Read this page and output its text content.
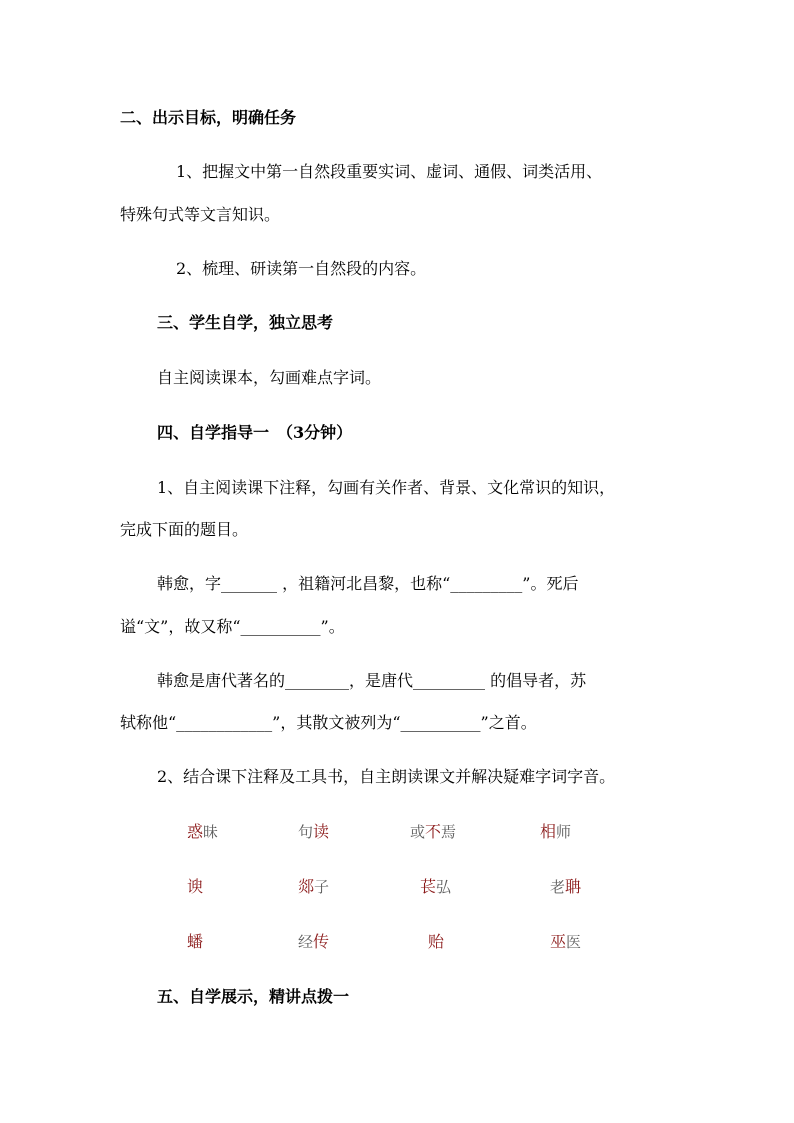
二、出示目标，明确任务
1、把握文中第一自然段重要实词、虚词、通假、词类活用、
特殊句式等文言知识。
2、梳理、研读第一自然段的内容。
三、学生自学，独立思考
自主阅读课本，勾画难点字词。
四、自学指导一　（3分钟）
1、自主阅读课下注释，勾画有关作者、背景、文化常识的知识，
完成下面的题目。
韩愈，字_______ ，祖籍河北昌黎，也称“_________”。死后
谥“文”，故又称“__________”。
韩愈是唐代著名的________，是唐代_________ 的倡导者，苏
轼称他“____________”，其散文被列为“__________”之首。
2、结合课下注释及工具书，自主朗读课文并解决疑难字词字音。
惑昧	句读	或不焉	相师
谀	郯子	苌弘	老聃
蟠	经传	贻	巫医
五、自学展示，精讲点拨一
